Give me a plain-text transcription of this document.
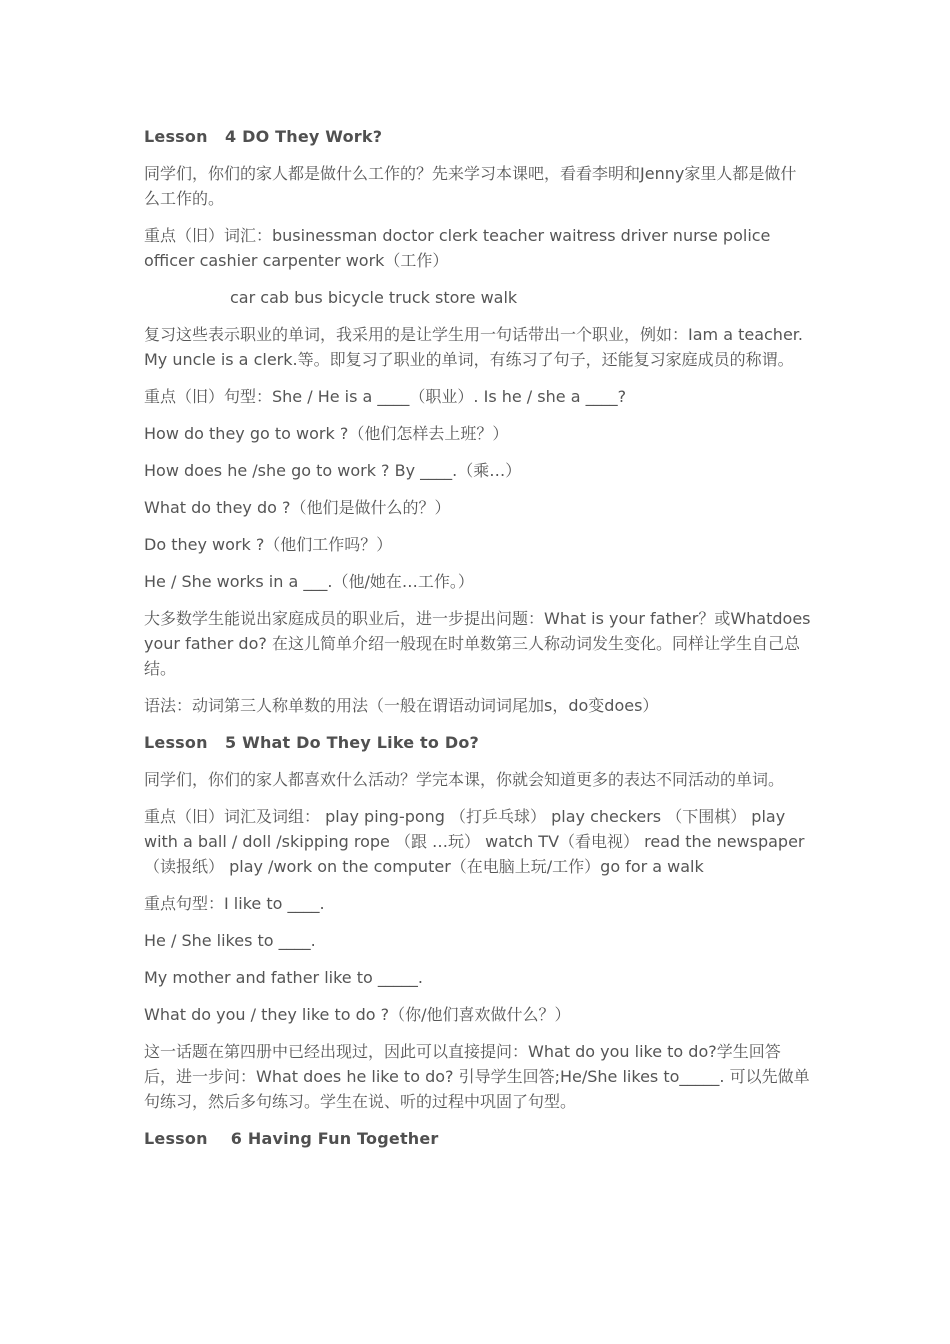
Lesson   4 DO They Work?

同学们，你们的家人都是做什么工作的？先来学习本课吧，看看李明和Jenny家里人都是做什么工作的。

重点（旧）词汇：businessman doctor clerk teacher waitress driver nurse police officer cashier carpenter work（工作）

car cab bus bicycle truck store walk

复习这些表示职业的单词，我采用的是让学生用一句话带出一个职业，例如：Iam a teacher. My uncle is a clerk.等。即复习了职业的单词，有练习了句子，还能复习家庭成员的称谓。

重点（旧）句型：She / He is a ____（职业）. Is he / she a ____?

How do they go to work ?（他们怎样去上班？）

How does he /she go to work ? By ____.（乘…）

What do they do ?（他们是做什么的？）

Do they work ?（他们工作吗？）

He / She works in a ___.（他/她在…工作。）

大多数学生能说出家庭成员的职业后，进一步提出问题：What is your father？或Whatdoes your father do? 在这儿简单介绍一般现在时单数第三人称动词发生变化。同样让学生自己总结。

语法：动词第三人称单数的用法（一般在谓语动词词尾加s，do变does）

Lesson   5 What Do They Like to Do?

同学们，你们的家人都喜欢什么活动？学完本课，你就会知道更多的表达不同活动的单词。

重点（旧）词汇及词组： play ping-pong （打乒乓球） play checkers （下围棋） play with a ball / doll /skipping rope （跟 …玩） watch TV（看电视） read the newspaper（读报纸） play /work on the computer（在电脑上玩/工作）go for a walk

重点句型：I like to ____.

He / She likes to ____.

My mother and father like to _____.

What do you / they like to do ?（你/他们喜欢做什么？）

这一话题在第四册中已经出现过，因此可以直接提问：What do you like to do?学生回答后，进一步问：What does he like to do? 引导学生回答;He/She likes to_____. 可以先做单句练习，然后多句练习。学生在说、听的过程中巩固了句型。

Lesson    6 Having Fun Together
